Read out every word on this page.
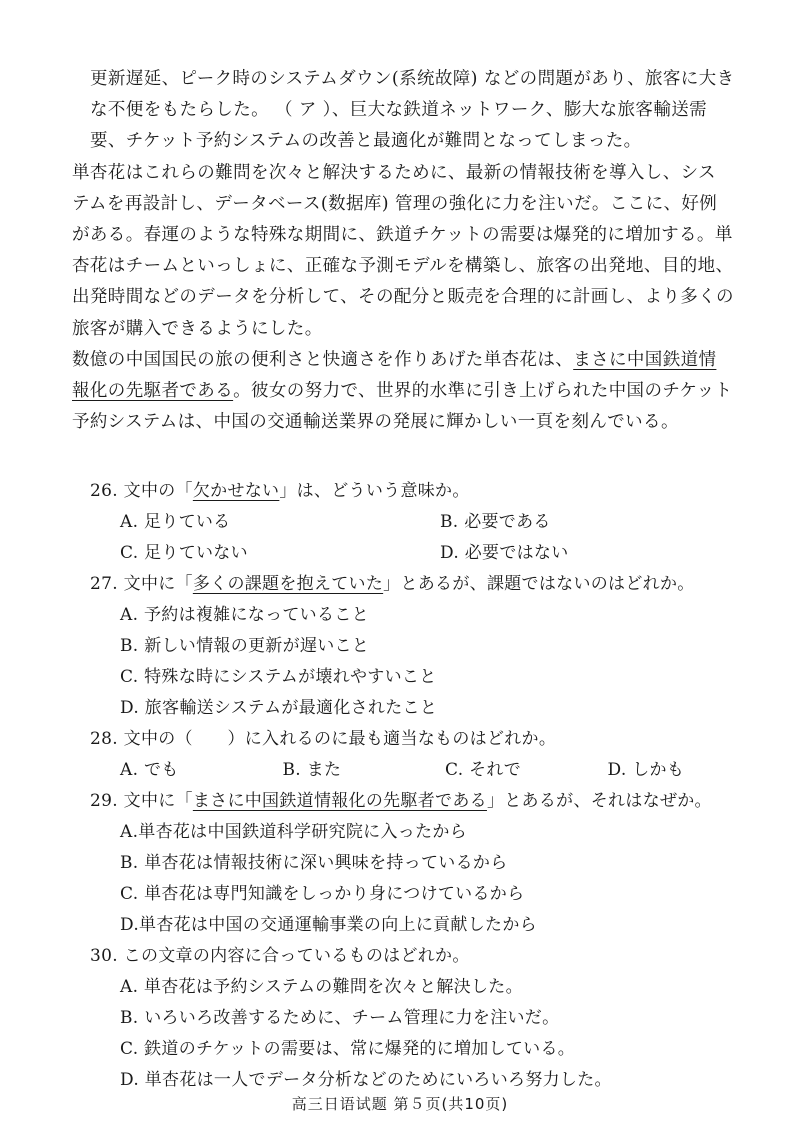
更新遅延、ピーク時のシステムダウン(系统故障) などの問題があり、旅客に大き
な不便をもたらした。 （ ア ）、巨大な鉄道ネットワーク、膨大な旅客輸送需
要、チケット予約システムの改善と最適化が難問となってしまった。

単杏花はこれらの難問を次々と解決するために、最新の情報技術を導入し、シス
テムを再設計し、データベース(数据库) 管理の強化に力を注いだ。ここに、好例
がある。春運のような特殊な期間に、鉄道チケットの需要は爆発的に増加する。単
杏花はチームといっしょに、正確な予測モデルを構築し、旅客の出発地、目的地、
出発時間などのデータを分析して、その配分と販売を合理的に計画し、より多くの
旅客が購入できるようにした。

数億の中国国民の旅の便利さと快適さを作りあげた単杏花は、まさに中国鉄道情
報化の先駆者である。彼女の努力で、世界的水準に引き上げられた中国のチケット
予約システムは、中国の交通輸送業界の発展に輝かしい一頁を刻んでいる。

26. 文中の「欠かせない」は、どういう意味か。
A. 足りている	B. 必要である
C. 足りていない	D. 必要ではない
27. 文中に「多くの課題を抱えていた」とあるが、課題ではないのはどれか。
A. 予約は複雑になっていること
B. 新しい情報の更新が遅いこと
C. 特殊な時にシステムが壊れやすいこと
D. 旅客輸送システムが最適化されたこと
28. 文中の（　　）に入れるのに最も適当なものはどれか。
A. でも	B. また	C. それで	D. しかも
29. 文中に「まさに中国鉄道情報化の先駆者である」とあるが、それはなぜか。
A.単杏花は中国鉄道科学研究院に入ったから
B. 単杏花は情報技術に深い興味を持っているから
C. 単杏花は専門知識をしっかり身につけているから
D.単杏花は中国の交通運輸事業の向上に貢献したから
30. この文章の内容に合っているものはどれか。
A. 単杏花は予約システムの難問を次々と解決した。
B. いろいろ改善するために、チーム管理に力を注いだ。
C. 鉄道のチケットの需要は、常に爆発的に増加している。
D. 単杏花は一人でデータ分析などのためにいろいろ努力した。
高三日语试题 第５页(共10页)
